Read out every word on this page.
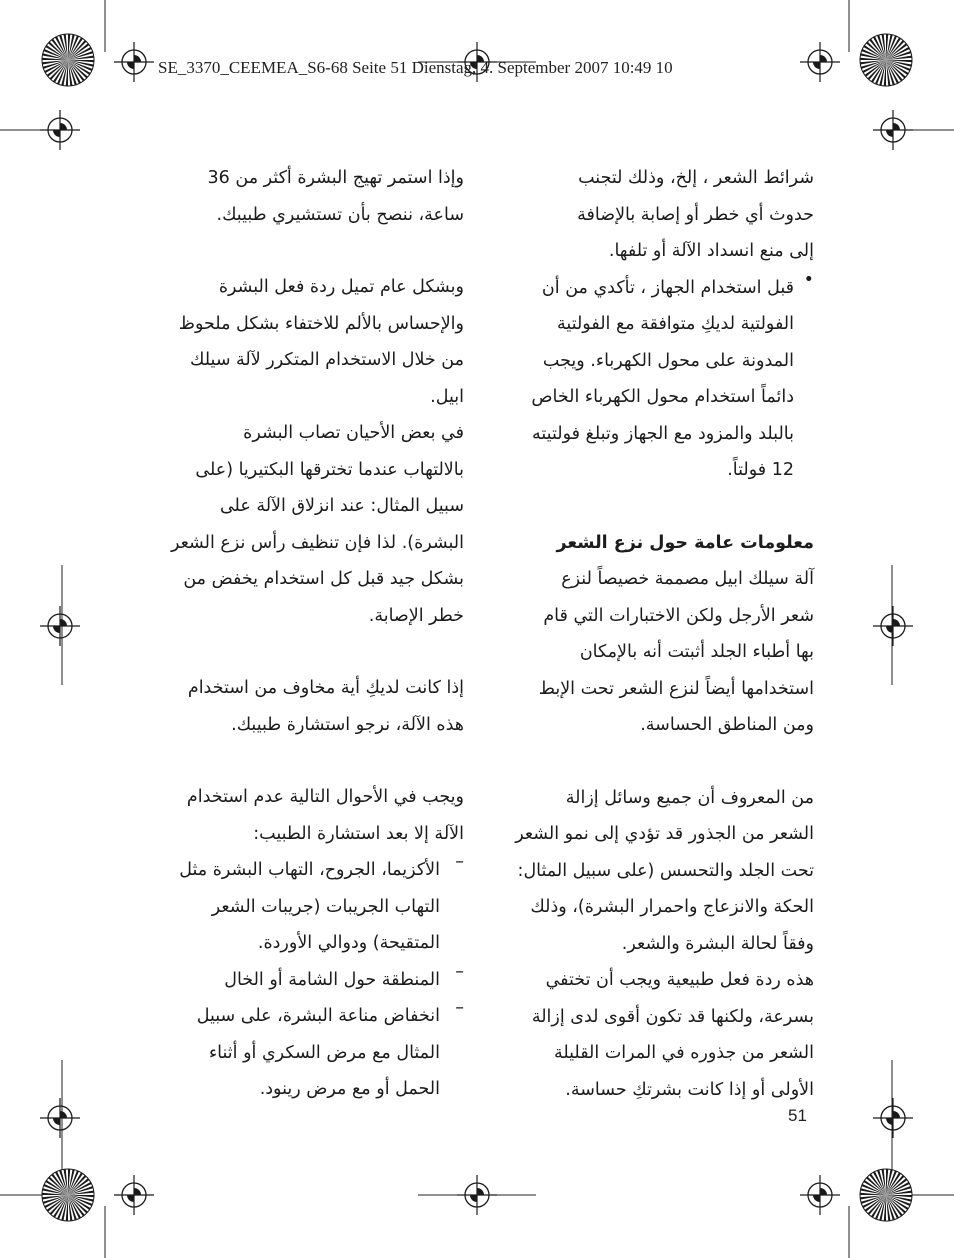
SE_3370_CEEMEA_S6-68 Seite 51 Dienstag, 4. September 2007 10:49 10

شرائط الشعر ، إلخ، وذلك لتجنب

حدوث أي خطر أو إصابة بالإضافة

إلى منع انسداد الآلة أو تلفها.

•

قبل استخدام الجهاز ، تأكدي من أن

الفولتية لديكِ متوافقة مع الفولتية

المدونة على محول الكهرباء. ويجب

دائماً استخدام محول الكهرباء الخاص

بالبلد والمزود مع الجهاز وتبلغ فولتيته

12 فولتاً.

معلومات عامة حول نزع الشعر

آلة سيلك ابيل مصممة خصيصاً لنزع

شعر الأرجل ولكن الاختبارات التي قام

بها أطباء الجلد أثبتت أنه بالإمكان

استخدامها أيضاً لنزع الشعر تحت الإبط

ومن المناطق الحساسة.

من المعروف أن جميع وسائل إزالة

الشعر من الجذور قد تؤدي إلى نمو الشعر

تحت الجلد والتحسس (على سبيل المثال:

الحكة والانزعاج واحمرار البشرة)، وذلك

وفقاً لحالة البشرة والشعر.

هذه ردة فعل طبيعية ويجب أن تختفي

بسرعة، ولكنها قد تكون أقوى لدى إزالة

الشعر من جذوره في المرات القليلة

الأولى أو إذا كانت بشرتكِ حساسة.

وإذا استمر تهيج البشرة أكثر من 36

ساعة، ننصح بأن تستشيري طبيبك.

وبشكل عام تميل ردة فعل البشرة

والإحساس بالألم للاختفاء بشكل ملحوظ

من خلال الاستخدام المتكرر لآلة سيلك

ابيل.

في بعض الأحيان تصاب البشرة

بالالتهاب عندما تخترقها البكتيريا (على

سبيل المثال: عند انزلاق الآلة على

البشرة). لذا فإن تنظيف رأس نزع الشعر

بشكل جيد قبل كل استخدام يخفض من

خطر الإصابة.

إذا كانت لديكِ أية مخاوف من استخدام

هذه الآلة، نرجو استشارة طبيبك.

ويجب في الأحوال التالية عدم استخدام

الآلة إلا بعد استشارة الطبيب:

–

الأكزيما، الجروح، التهاب البشرة مثل

التهاب الجريبات (جريبات الشعر

المتقيحة) ودوالي الأوردة.

–

المنطقة حول الشامة أو الخال

–

انخفاض مناعة البشرة، على سبيل

المثال مع مرض السكري أو أثناء

الحمل أو مع مرض رينود.

51
